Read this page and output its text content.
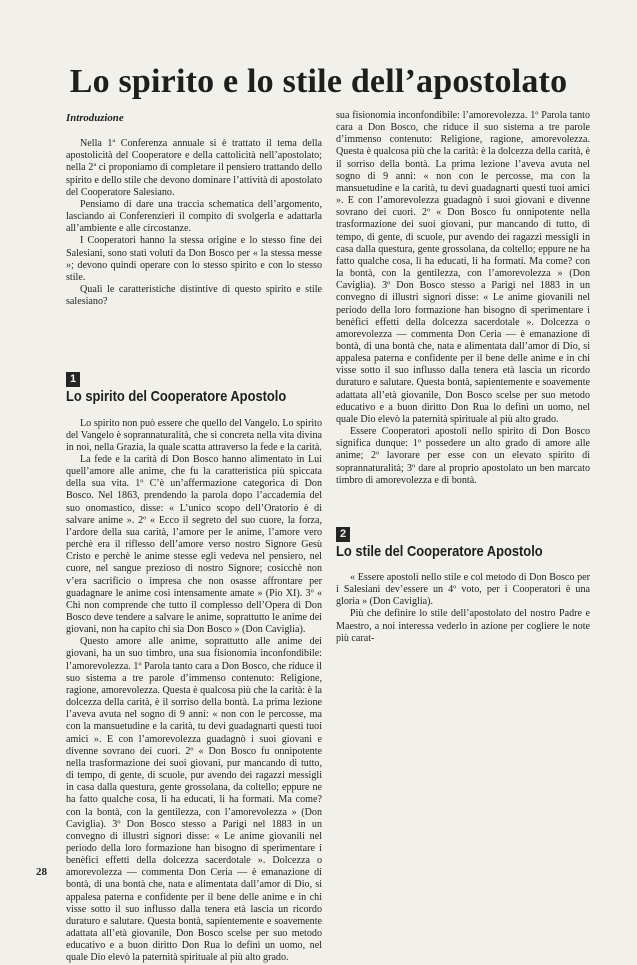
Lo spirito e lo stile dell’apostolato
Introduzione

Nella 1ª Conferenza annuale si è trattato il tema della apostolicità del Cooperatore e della cattolicità nell’apostolato; nella 2ª ci proponiamo di completare il pensiero trattando dello spirito e dello stile che devono dominare l’attività di apostolato del Cooperatore Salesiano.

Pensiamo di dare una traccia schematica dell’argomento, lasciando ai Conferenzieri il compito di svolgerla e adattarla all’ambiente e alle circostanze.

I Cooperatori hanno la stessa origine e lo stesso fine dei Salesiani, sono stati voluti da Don Bosco per « la stessa messe »; devono quindi operare con lo stesso spirito e con lo stesso stile.

Quali le caratteristiche distintive di questo spirito e stile salesiano?

1
Lo spirito del Cooperatore Apostolo

Lo spirito non può essere che quello del Vangelo. Lo spirito del Vangelo è soprannaturalità, che si concreta nella vita divina in noi, nella Grazia, la quale scatta attraverso la fede e la carità.

La fede e la carità di Don Bosco hanno alimentato in Lui quell’amore alle anime, che fu la caratteristica più spiccata della sua vita. 1º C’è un’affermazione categorica di Don Bosco. Nel 1863, prendendo la parola dopo l’accademia del suo onomastico, disse: « L’unico scopo dell’Oratorio è di salvare anime ». 2º « Ecco il segreto del suo cuore, la forza, l’ardore della sua carità, l’amore per le anime, l’amore vero perchè era il riflesso dell’amore verso nostro Signore Gesù Cristo e perchè le anime stesse egli vedeva nel pensiero, nel cuore, nel sangue prezioso di nostro Signore; cosicchè non v’era sacrificio o impresa che non osasse affrontare per guadagnare le anime così intensamente amate » (Pio XI). 3º « Chi non comprende che tutto il complesso dell’Opera di Don Bosco deve tendere a salvare le anime, soprattutto le anime dei giovani, non ha capito chi sia Don Bosco » (Don Caviglia).

Questo amore alle anime, soprattutto alle anime dei giovani, ha un suo timbro, una sua fisionomia inconfondibile: l’amorevolezza. 1º Parola tanto cara a Don Bosco, che riduce il suo sistema a tre parole d’immenso contenuto: Religione, ragione, amorevolezza. Questa è qualcosa più che la carità: è la dolcezza della carità, è il sorriso della bontà. La prima lezione l’aveva avuta nel sogno di 9 anni: « non con le percosse, ma con la mansuetudine e la carità, tu devi guadagnarti questi tuoi amici ». E con l’amorevolezza guadagnò i suoi giovani e divenne sovrano dei cuori. 2º « Don Bosco fu onnipotente nella trasformazione dei suoi giovani, pur mancando di tutto, di tempo, di gente, di scuole, pur avendo dei ragazzi messigli in casa dalla questura, gente grossolana, da coltello; eppure ne ha fatto qualche cosa, li ha educati, li ha formati. Ma come? con la bontà, con la gentilezza, con l’amorevolezza » (Don Caviglia). 3º Don Bosco stesso a Parigi nel 1883 in un convegno di illustri signori disse: « Le anime giovanili nel periodo della loro formazione han bisogno di sperimentare i benèfici effetti della dolcezza sacerdotale ». Dolcezza o amorevolezza — commenta Don Ceria — è emanazione di bontà, di una bontà che, nata e alimentata dall’amor di Dio, si appalesa paterna e confidente per il bene delle anime e in chi visse sotto il suo influsso dalla tenera età lascia un ricordo duraturo e salutare. Questa bontà, sapientemente e soavemente adattata all’età giovanile, Don Bosco scelse per suo metodo educativo e a buon diritto Don Rua lo definì un uomo, nel quale Dio elevò la paternità spirituale al più alto grado.

sua fisionomia inconfondibile: l’amorevolezza. 1º Parola tanto cara a Don Bosco, che riduce il suo sistema a tre parole d’immenso contenuto: Religione, ragione, amorevolezza. Questa è qualcosa più che la carità: è la dolcezza della carità, è il sorriso della bontà. La prima lezione l’aveva avuta nel sogno di 9 anni: « non con le percosse, ma con la mansuetudine e la carità, tu devi guadagnarti questi tuoi amici ». E con l’amorevolezza guadagnò i suoi giovani e divenne sovrano dei cuori. 2º « Don Bosco fu onnipotente nella trasformazione dei suoi giovani, pur mancando di tutto, di tempo, di gente, di scuole, pur avendo dei ragazzi messigli in casa dalla questura, gente grossolana, da coltello; eppure ne ha fatto qualche cosa, li ha educati, li ha formati. Ma come? con la bontà, con la gentilezza, con l’amorevolezza » (Don Caviglia). 3º Don Bosco stesso a Parigi nel 1883 in un convegno di illustri signori disse: « Le anime giovanili nel periodo della loro formazione han bisogno di sperimentare i benèfici effetti della dolcezza sacerdotale ». Dolcezza o amorevolezza — commenta Don Ceria — è emanazione di bontà, di una bontà che, nata e alimentata dall’amor di Dio, si appalesa paterna e confidente per il bene delle anime e in chi visse sotto il suo influsso dalla tenera età lascia un ricordo duraturo e salutare. Questa bontà, sapientemente e soavemente adattata all’età giovanile, Don Bosco scelse per suo metodo educativo e a buon diritto Don Rua lo definì un uomo, nel quale Dio elevò la paternità spirituale al più alto grado.

Essere Cooperatori apostoli nello spirito di Don Bosco significa dunque: 1º possedere un alto grado di amore alle anime; 2º lavorare per esse con un elevato spirito di soprannaturalità; 3º dare al proprio apostolato un ben marcato timbro di amorevolezza e di bontà.

2
Lo stile del Cooperatore Apostolo

« Essere apostoli nello stile e col metodo di Don Bosco per i Salesiani dev’essere un 4º voto, per i Cooperatori è una gloria » (Don Caviglia).

Più che definire lo stile dell’apostolato del nostro Padre e Maestro, a noi interessa vederlo in azione per cogliere le note più carat-

28
